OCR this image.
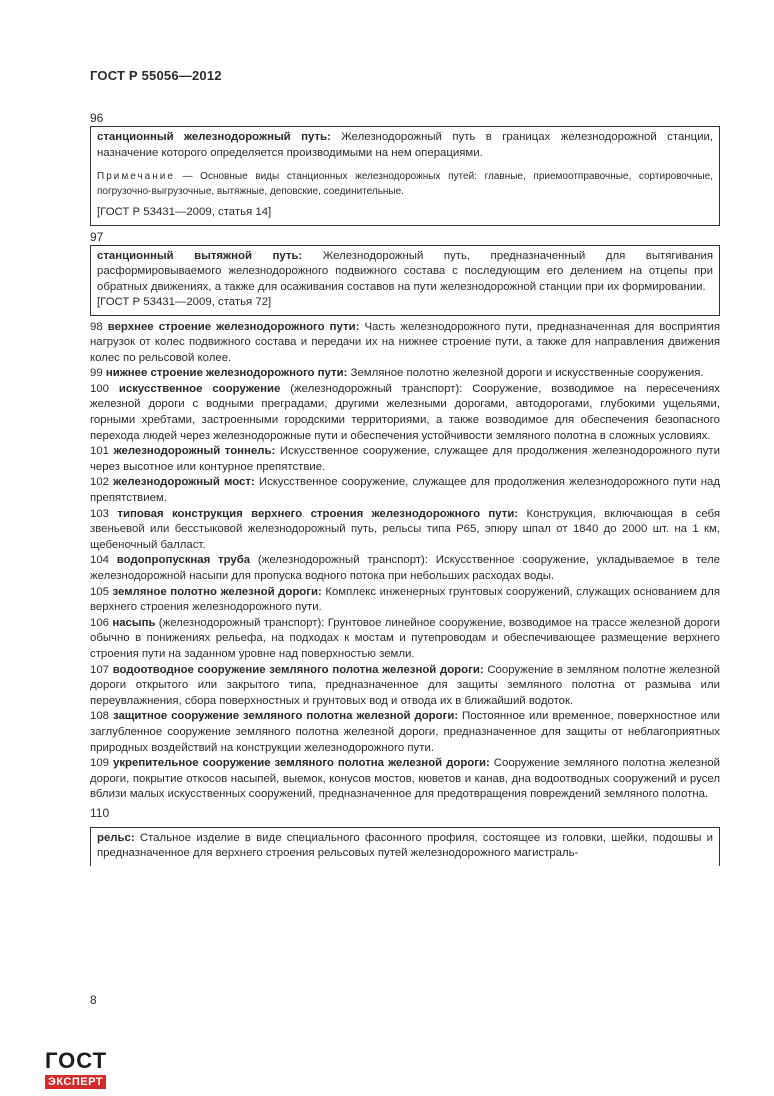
ГОСТ Р 55056—2012

96

станционный железнодорожный путь: Железнодорожный путь в границах железнодорожной станции, назначение которого определяется производимыми на нем операциями.

Примечание — Основные виды станционных железнодорожных путей: главные, приемоотправочные, сортировочные, погрузочно-выгрузочные, вытяжные, деповские, соединительные.

[ГОСТ Р 53431—2009, статья 14]

97

станционный вытяжной путь: Железнодорожный путь, предназначенный для вытягивания расформировываемого железнодорожного подвижного состава с последующим его делением на отцепы при обратных движениях, а также для осаживания составов на пути железнодорожной станции при их формировании.

[ГОСТ Р 53431—2009, статья 72]

98 верхнее строение железнодорожного пути: Часть железнодорожного пути, предназначенная для восприятия нагрузок от колес подвижного состава и передачи их на нижнее строение пути, а также для направления движения колес по рельсовой колее.

99 нижнее строение железнодорожного пути: Земляное полотно железной дороги и искусственные сооружения.

100 искусственное сооружение (железнодорожный транспорт): Сооружение, возводимое на пересечениях железной дороги с водными преградами, другими железными дорогами, автодорогами, глубокими ущельями, горными хребтами, застроенными городскими территориями, а также возводимое для обеспечения безопасного перехода людей через железнодорожные пути и обеспечения устойчивости земляного полотна в сложных условиях.

101 железнодорожный тоннель: Искусственное сооружение, служащее для продолжения железнодорожного пути через высотное или контурное препятствие.

102 железнодорожный мост: Искусственное сооружение, служащее для продолжения железнодорожного пути над препятствием.

103 типовая конструкция верхнего строения железнодорожного пути: Конструкция, включающая в себя звеньевой или бесстыковой железнодорожный путь, рельсы типа Р65, эпюру шпал от 1840 до 2000 шт. на 1 км, щебеночный балласт.

104 водопропускная труба (железнодорожный транспорт): Искусственное сооружение, укладываемое в теле железнодорожной насыпи для пропуска водного потока при небольших расходах воды.

105 земляное полотно железной дороги: Комплекс инженерных грунтовых сооружений, служащих основанием для верхнего строения железнодорожного пути.

106 насыпь (железнодорожный транспорт): Грунтовое линейное сооружение, возводимое на трассе железной дороги обычно в понижениях рельефа, на подходах к мостам и путепроводам и обеспечивающее размещение верхнего строения пути на заданном уровне над поверхностью земли.

107 водоотводное сооружение земляного полотна железной дороги: Сооружение в земляном полотне железной дороги открытого или закрытого типа, предназначенное для защиты земляного полотна от размыва или переувлажнения, сбора поверхностных и грунтовых вод и отвода их в ближайший водоток.

108 защитное сооружение земляного полотна железной дороги: Постоянное или временное, поверхностное или заглубленное сооружение земляного полотна железной дороги, предназначенное для защиты от неблагоприятных природных воздействий на конструкции железнодорожного пути.

109 укрепительное сооружение земляного полотна железной дороги: Сооружение земляного полотна железной дороги, покрытие откосов насыпей, выемок, конусов мостов, кюветов и канав, дна водоотводных сооружений и русел вблизи малых искусственных сооружений, предназначенное для предотвращения повреждений земляного полотна.

110

рельс: Стальное изделие в виде специального фасонного профиля, состоящее из головки, шейки, подошвы и предназначенное для верхнего строения рельсовых путей железнодорожного магистраль-

8
ГОСТ
ЭКСПЕРТ
